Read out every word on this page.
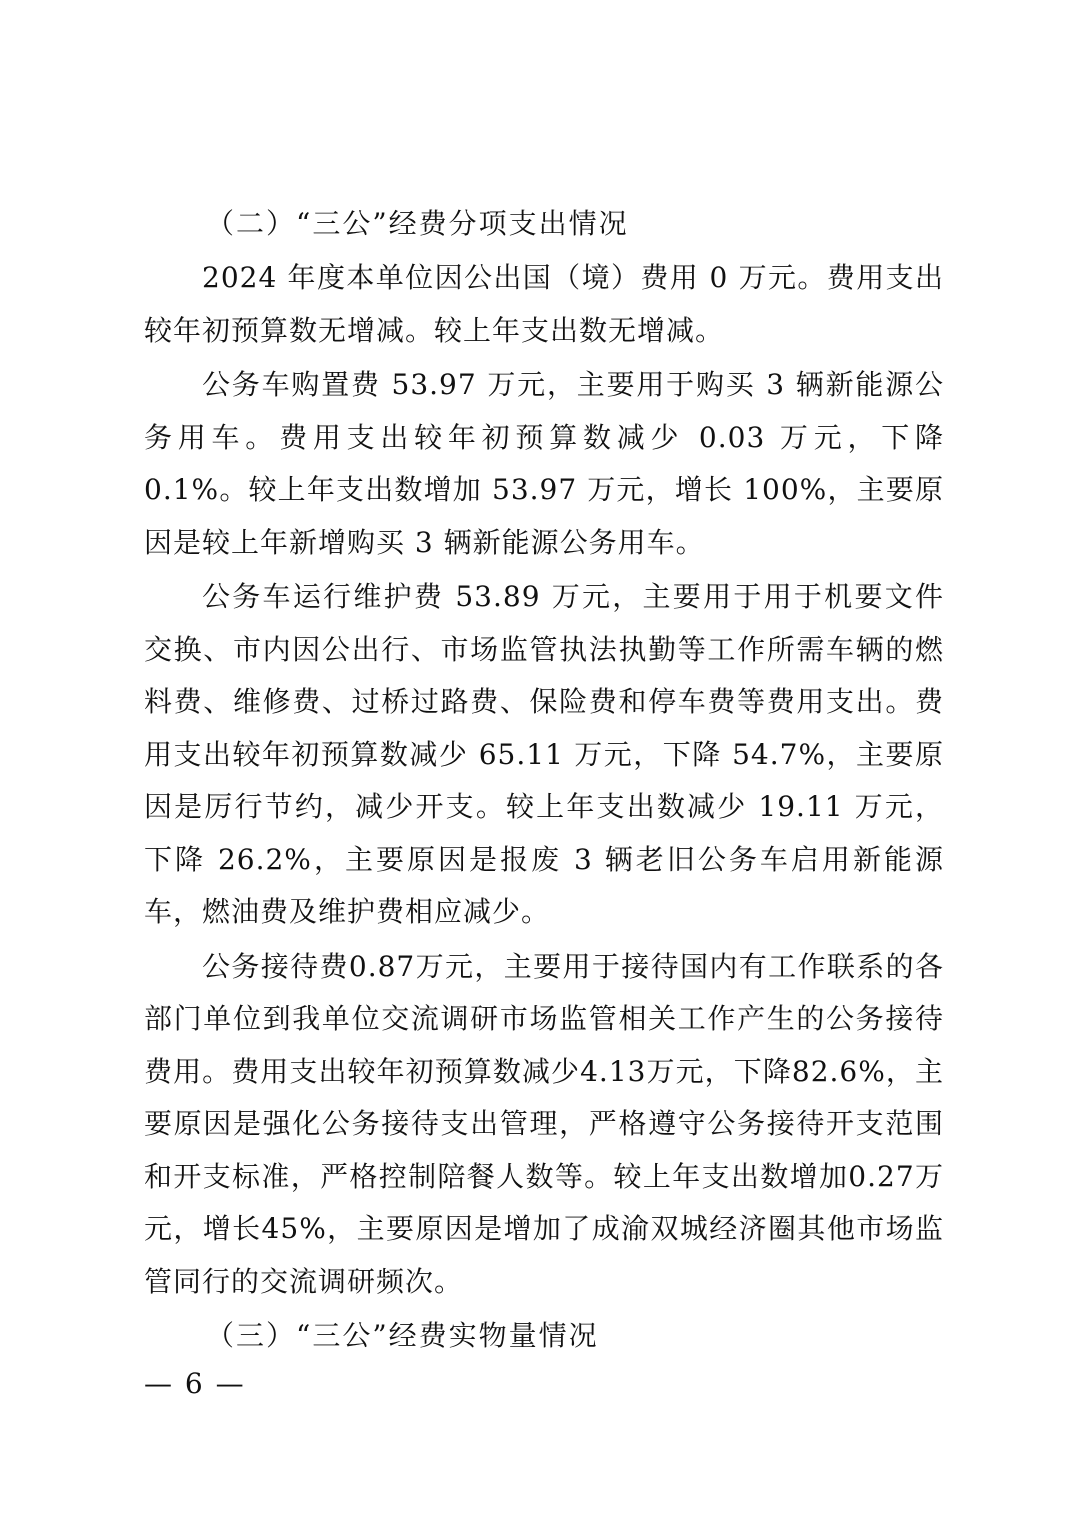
（二）“三公”经费分项支出情况

2024 年度本单位因公出国（境）费用 0 万元。费用支出较年初预算数无增减。较上年支出数无增减。

公务车购置费 53.97 万元，主要用于购买 3 辆新能源公务用车。费用支出较年初预算数减少 0.03 万元，下降 0.1%。较上年支出数增加 53.97 万元，增长 100%，主要原因是较上年新增购买 3 辆新能源公务用车。

公务车运行维护费 53.89 万元，主要用于用于机要文件交换、市内因公出行、市场监管执法执勤等工作所需车辆的燃料费、维修费、过桥过路费、保险费和停车费等费用支出。费用支出较年初预算数减少 65.11 万元，下降 54.7%，主要原因是厉行节约，减少开支。较上年支出数减少 19.11 万元，下降 26.2%，主要原因是报废 3 辆老旧公务车启用新能源车，燃油费及维护费相应减少。

公务接待费0.87万元，主要用于接待国内有工作联系的各部门单位到我单位交流调研市场监管相关工作产生的公务接待费用。费用支出较年初预算数减少4.13万元，下降82.6%，主要原因是强化公务接待支出管理，严格遵守公务接待开支范围和开支标准，严格控制陪餐人数等。较上年支出数增加0.27万元，增长45%，主要原因是增加了成渝双城经济圈其他市场监管同行的交流调研频次。

（三）“三公”经费实物量情况
— 6 —
